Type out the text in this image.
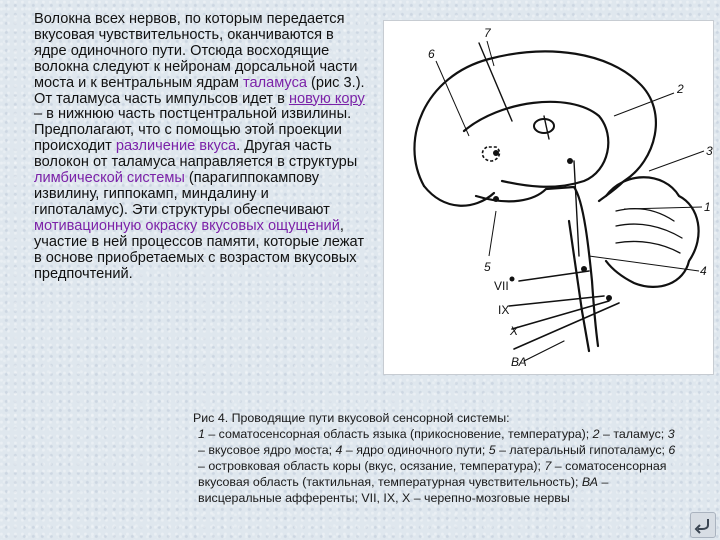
Волокна всех нервов, по которым передается вкусовая чувствительность, оканчиваются в ядре одиночного пути. Отсюда восходящие волокна следуют к нейронам дорсальной части моста и к вентральным ядрам таламуса (рис 3.). От таламуса часть импульсов идет в новую кору – в нижнюю часть постцентральной извилины. Предполагают, что с помощью этой проекции происходит различение вкуса. Другая часть волокон от таламуса направляется в структуры лимбической системы (парагиппокампову извилину, гиппокамп, миндалину и гипоталамус). Эти структуры обеспечивают мотивационную окраску вкусовых ощущений, участие в ней процессов памяти, которые лежат в основе приобретаемых с возрастом вкусовых предпочтений.
7
6
2
3
1
4
5
VII
IX
X
ВА
Рис 4. Проводящие пути вкусовой сенсорной системы:
1 – соматосенсорная область языка (прикосновение, температура); 2 – таламус; 3 – вкусовое ядро моста; 4 – ядро одиночного пути; 5 – латеральный гипоталамус; 6 – островковая область коры (вкус, осязание, температура); 7 – соматосенсорная вкусовая область (тактильная, температурная чувствительность); ВА – висцеральные афференты; VII, IX, X – черепно-мозговые нервы
